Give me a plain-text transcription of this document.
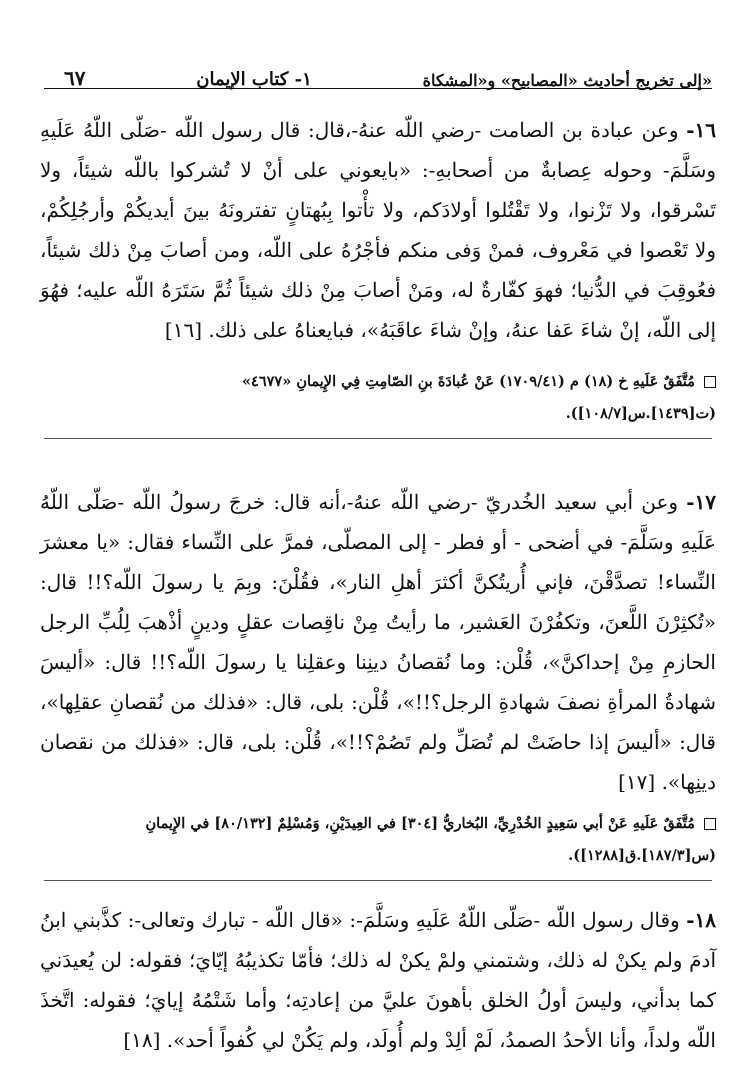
إلى تخريج أحاديث «المصابيح» و«المشكاة»
١- كتاب الإيمان
٦٧
١٦- وعن عبادة بن الصامت -رضي اللّه عنهُ-،قال: قال رسول اللّه -صَلّى اللّهُ عَلَيهِ وسَلَّمَ- وحوله عِصابةٌ من أصحابهِ-: «بايعوني على أنْ لا تُشركوا باللّه شيئاً، ولا تَسْرقوا، ولا تَزْنوا، ولا تَقْتُلوا أولادَكم، ولا تأْتوا بِبُهتانٍ تفترونَهُ بينَ أيديكُمْ وأرجُلِكُمْ، ولا تَعْصوا في مَعْروف، فمنْ وَفى منكم فأجْرُهُ على اللّه، ومن أصابَ مِنْ ذلك شيئاً، فعُوقِبَ في الدُّنيا؛ فهوَ كفّارةٌ له، ومَنْ أصابَ مِنْ ذلك شيئاً ثُمَّ سَتَرَهُ اللّه عليه؛ فهُوَ إلى اللّه، إنْ شاءَ عَفا عنهُ، وإنْ شاءَ عاقَبَهُ»، فبايعناهُ على ذلك. [١٦]
مُتَّفَقٌ عَلَيهِ خ (١٨) م (١٧٠٩/٤١) عَنْ عُبادَةَ بنِ الصّامِتِ فِي الإِيمانِ «٤٦٧٧»
(ت[١٤٣٩].س[١٠٨/٧]).
١٧- وعن أبي سعيد الخُدريّ -رضي اللّه عنهُ-،أنه قال: خرجَ رسولُ اللّه -صَلّى اللّهُ عَلَيهِ وسَلَّمَ- في أضحى - أو فطر - إلى المصلّى، فمرَّ على النِّساء فقال: «يا معشرَ النِّساء! تصدَّقْنَ، فإني أُريتُكنَّ أكثرَ أهلِ النار»، فقُلْنَ: وبِمَ يا رسولَ اللّه؟!! قال: «تُكثِرْنَ اللَّعنَ، وتكفُرْنَ العَشير، ما رأيتُ مِنْ ناقِصات عقلٍ ودينٍ أذْهبَ لِلُبِّ الرجل الحازمِ مِنْ إحداكنَّ»، قُلْن: وما نُقصانُ دينِنا وعقلِنا يا رسولَ اللّه؟!! قال: «أليسَ شهادةُ المرأةِ نصفَ شهادةِ الرجل؟!!»، قُلْن: بلى، قال: «فذلك من نُقصانِ عقلِها»، قال: «أليسَ إذا حاضَتْ لم تُصَلِّ ولم تَصُمْ؟!!»، قُلْن: بلى، قال: «فذلك من نقصان دينِها». [١٧]
مُتَّفَقٌ عَلَيهِ عَنْ أبي سَعِيدٍ الخُدْرِيِّ، البُخاريُّ [٣٠٤] في العِيدَيْنِ، وَمُسْلِمٌ [٨٠/١٣٢] في الإِيمانِ
(س[١٨٧/٣].ق[١٢٨٨]).
١٨- وقال رسول اللّه -صَلّى اللّهُ عَلَيهِ وسَلَّمَ-: «قال اللّه - تبارك وتعالى-: كذَّبني ابنُ آدمَ ولم يكنْ له ذلك، وشتمني ولمْ يكنْ له ذلك؛ فأمّا تكذيبُهُ إيّايَ؛ فقوله: لن يُعيدَني كما بدأني، وليسَ أولُ الخلق بأهونَ عليَّ من إعادتِه؛ وأما شَتْمُهُ إيايَ؛ فقوله: اتَّخذَ اللّه ولداً، وأنا الأحدُ الصمدُ، لَمْ ألِدْ ولم أُولَد، ولم يَكُنْ لي كُفواً أحد». [١٨]
